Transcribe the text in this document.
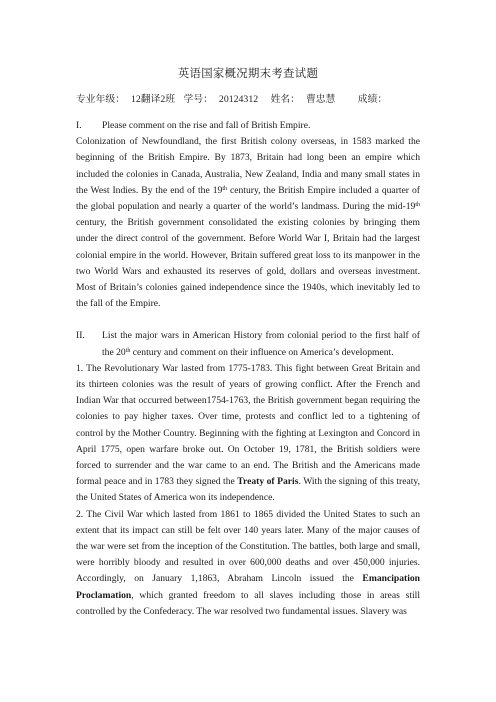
英语国家概况期末考查试题
专业年级： 12翻译2班 学号： 20124312 姓名： 曹忠慧 成绩：
I.	Please comment on the rise and fall of British Empire.

Colonization of Newfoundland, the first British colony overseas, in 1583 marked the beginning of the British Empire. By 1873, Britain had long been an empire which included the colonies in Canada, Australia, New Zealand, India and many small states in the West Indies. By the end of the 19th century, the British Empire included a quarter of the global population and nearly a quarter of the world’s landmass. During the mid-19th century, the British government consolidated the existing colonies by bringing them under the direct control of the government. Before World War I, Britain had the largest colonial empire in the world. However, Britain suffered great loss to its manpower in the two World Wars and exhausted its reserves of gold, dollars and overseas investment. Most of Britain’s colonies gained independence since the 1940s, which inevitably led to the fall of the Empire.

II.	List the major wars in American History from colonial period to the first half of the 20th century and comment on their influence on America’s development.

1. The Revolutionary War lasted from 1775-1783. This fight between Great Britain and its thirteen colonies was the result of years of growing conflict. After the French and Indian War that occurred between1754-1763, the British government began requiring the colonies to pay higher taxes. Over time, protests and conflict led to a tightening of control by the Mother Country. Beginning with the fighting at Lexington and Concord in April 1775, open warfare broke out. On October 19, 1781, the British soldiers were forced to surrender and the war came to an end. The British and the Americans made formal peace and in 1783 they signed the Treaty of Paris. With the signing of this treaty, the United States of America won its independence.

2. The Civil War which lasted from 1861 to 1865 divided the United States to such an extent that its impact can still be felt over 140 years later. Many of the major causes of the war were set from the inception of the Constitution. The battles, both large and small, were horribly bloody and resulted in over 600,000 deaths and over 450,000 injuries. Accordingly, on January 1,1863, Abraham Lincoln issued the Emancipation Proclamation, which granted freedom to all slaves including those in areas still controlled by the Confederacy. The war resolved two fundamental issues. Slavery was
